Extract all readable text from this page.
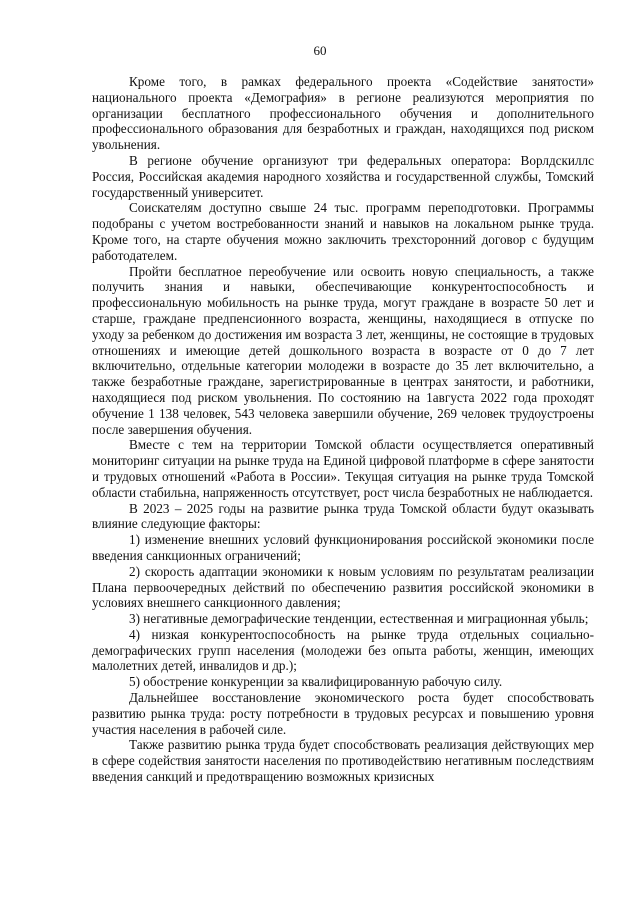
60

Кроме того, в рамках федерального проекта «Содействие занятости» национального проекта «Демография» в регионе реализуются мероприятия по организации бесплатного профессионального обучения и дополнительного профессионального образования для безработных и граждан, находящихся под риском увольнения.

В регионе обучение организуют три федеральных оператора: Ворлдскиллс Россия, Российская академия народного хозяйства и государственной службы, Томский государственный университет.

Соискателям доступно свыше 24 тыс. программ переподготовки. Программы подобраны с учетом востребованности знаний и навыков на локальном рынке труда. Кроме того, на старте обучения можно заключить трехсторонний договор с будущим работодателем.

Пройти бесплатное переобучение или освоить новую специальность, а также получить знания и навыки, обеспечивающие конкурентоспособность и профессиональную мобильность на рынке труда, могут граждане в возрасте 50 лет и старше, граждане предпенсионного возраста, женщины, находящиеся в отпуске по уходу за ребенком до достижения им возраста 3 лет, женщины, не состоящие в трудовых отношениях и имеющие детей дошкольного возраста в возрасте от 0 до 7 лет включительно, отдельные категории молодежи в возрасте до 35 лет включительно, а также безработные граждане, зарегистрированные в центрах занятости, и работники, находящиеся под риском увольнения. По состоянию на 1августа 2022 года проходят обучение 1 138 человек, 543 человека завершили обучение, 269 человек трудоустроены после завершения обучения.

Вместе с тем на территории Томской области осуществляется оперативный мониторинг ситуации на рынке труда на Единой цифровой платформе в сфере занятости и трудовых отношений «Работа в России». Текущая ситуация на рынке труда Томской области стабильна, напряженность отсутствует, рост числа безработных не наблюдается.

В 2023 – 2025 годы на развитие рынка труда Томской области будут оказывать влияние следующие факторы:

1) изменение внешних условий функционирования российской экономики после введения санкционных ограничений;

2) скорость адаптации экономики к новым условиям по результатам реализации Плана первоочередных действий по обеспечению развития российской экономики в условиях внешнего санкционного давления;

3) негативные демографические тенденции, естественная и миграционная убыль;

4) низкая конкурентоспособность на рынке труда отдельных социально-демографических групп населения (молодежи без опыта работы, женщин, имеющих малолетних детей, инвалидов и др.);

5) обострение конкуренции за квалифицированную рабочую силу.

Дальнейшее восстановление экономического роста будет способствовать развитию рынка труда: росту потребности в трудовых ресурсах и повышению уровня участия населения в рабочей силе.

Также развитию рынка труда будет способствовать реализация действующих мер в сфере содействия занятости населения по противодействию негативным последствиям введения санкций и предотвращению возможных кризисных
